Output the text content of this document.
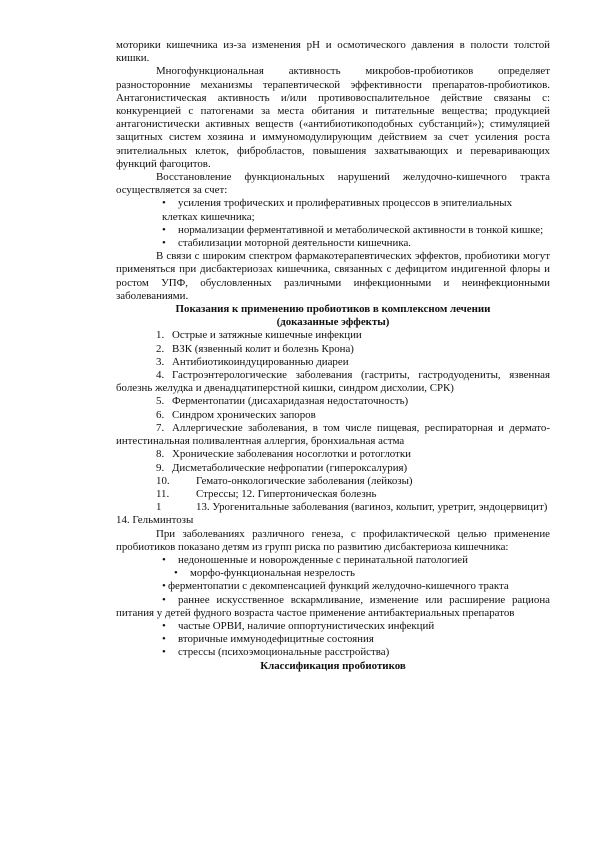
моторики кишечника из-за изменения pH и осмотического давления в полости толстой кишки.

Многофункциональная активность микробов-пробиотиков определяет разносторонние механизмы терапевтической эффективности препаратов-пробиотиков. Антагонистическая активность и/или противовоспалительное действие связаны с: конкуренцией с патогенами за места обитания и питательные вещества; продукцией антагонистически активных веществ («антибиотикоподобных субстанций»); стимуляцией защитных систем хозяина и иммуномодулирующим действием за счет усиления роста эпителиальных клеток, фибробластов, повышения захватывающих и переваривающих функций фагоцитов.

Восстановление функциональных нарушений желудочно-кишечного тракта осуществляется за счет:

• усиления трофических и пролиферативных процессов в эпителиальных клетках кишечника;

• нормализации ферментативной и метаболической активности в тонкой кишке;

• стабилизации моторной деятельности кишечника.

В связи с широким спектром фармакотерапевтических эффектов, пробиотики могут применяться при дисбактериозах кишечника, связанных с дефицитом индигенной флоры и ростом УПФ, обусловленных различными инфекционными и неинфекционными заболеваниями.

Показания к применению пробиотиков в комплексном лечении
(доказанные эффекты)

1. Острые и затяжные кишечные инфекции

2. ВЗК (язвенный колит и болезнь Крона)

3. Антибиотикоиндуцированнью диареи

4. Гастроэнтерологические заболевания (гастриты, гастродуодениты, язвенная болезнь желудка и двенадцатиперстной кишки, синдром дисхолии, СРК)

5. Ферментопатии (дисахаридазная недостаточность)

6. Синдром хронических запоров

7. Аллергические заболевания, в том числе пищевая, респираторная и дермато-интестинальная поливалентная аллергия, бронхиальная астма

8. Хронические заболевания носоглотки и ротоглотки

9. Дисметаболические нефропатии (гипероксалурия)

10. Гемато-онкологические заболевания (лейкозы)

11. Стрессы; 12. Гипертоническая болезнь

1	13. Урогенитальные заболевания (вагиноз, кольпит, уретрит, эндоцервицит) 14. Гельминтозы

При заболеваниях различного генеза, с профилактической целью применение пробиотиков показано детям из групп риска по развитию дисбактериоза кишечника:

• недоношенные и новорожденные с перинатальной патологией

• морфо-функциональная незрелость

• ферментопатии с декомпенсацией функций желудочно-кишечного тракта

• раннее искусственное вскармливание, изменение или расширение рациона питания у детей фудного возраста частое применение антибактериальных препаратов

• частые ОРВИ, наличие оппортунистических инфекций

• вторичные иммунодефицитные состояния

• стрессы (психоэмоциональные расстройства)

Классификация пробиотиков
